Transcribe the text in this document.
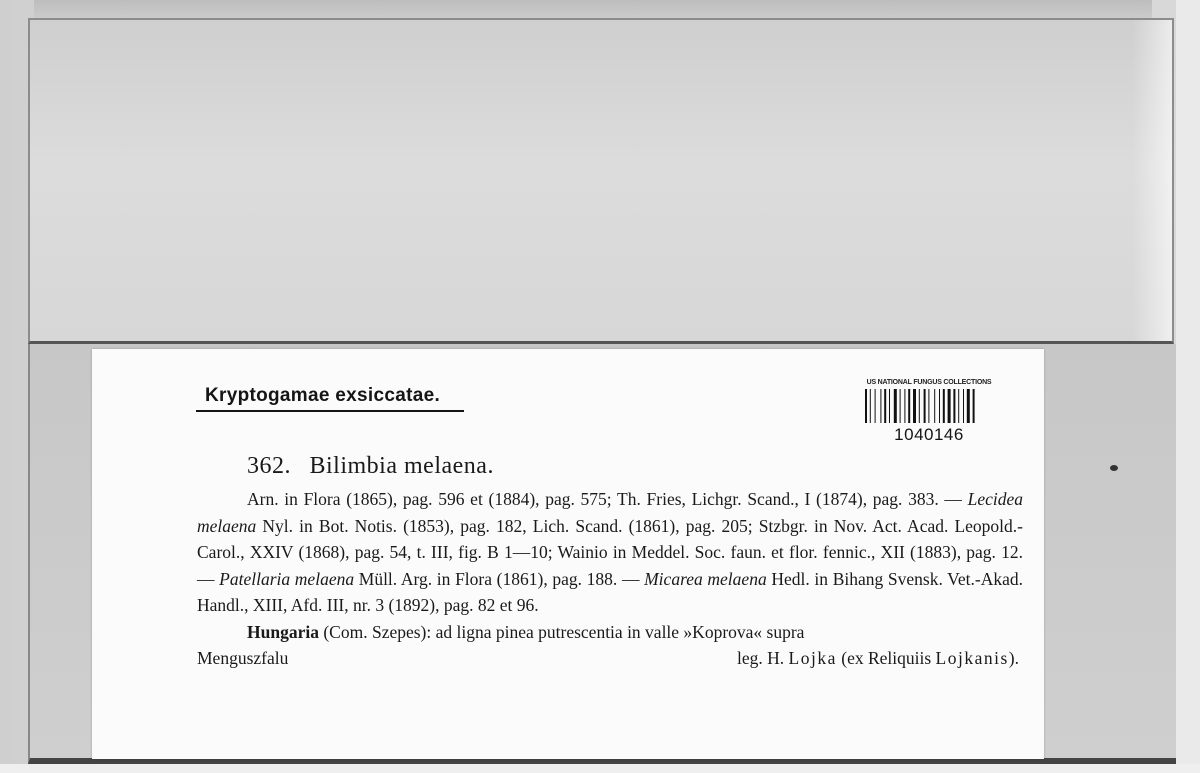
Kryptogamae exsiccatae.
US NATIONAL FUNGUS COLLECTIONS
1040146
362. Bilimbia melaena.

Arn. in Flora (1865), pag. 596 et (1884), pag. 575; Th. Fries, Lichgr. Scand., I (1874), pag. 383. — Lecidea melaena Nyl. in Bot. Notis. (1853), pag. 182, Lich. Scand. (1861), pag. 205; Stzbgr. in Nov. Act. Acad. Leopold.-Carol., XXIV (1868), pag. 54, t. III, fig. B 1—10; Wainio in Meddel. Soc. faun. et flor. fennic., XII (1883), pag. 12. — Patellaria melaena Müll. Arg. in Flora (1861), pag. 188. — Micarea melaena Hedl. in Bihang Svensk. Vet.-Akad. Handl., XIII, Afd. III, nr. 3 (1892), pag. 82 et 96.

Hungaria (Com. Szepes): ad ligna pinea putrescentia in valle »Koprova« supra

Menguszfalu	leg. H. Lojka (ex Reliquiis Lojkanis).
